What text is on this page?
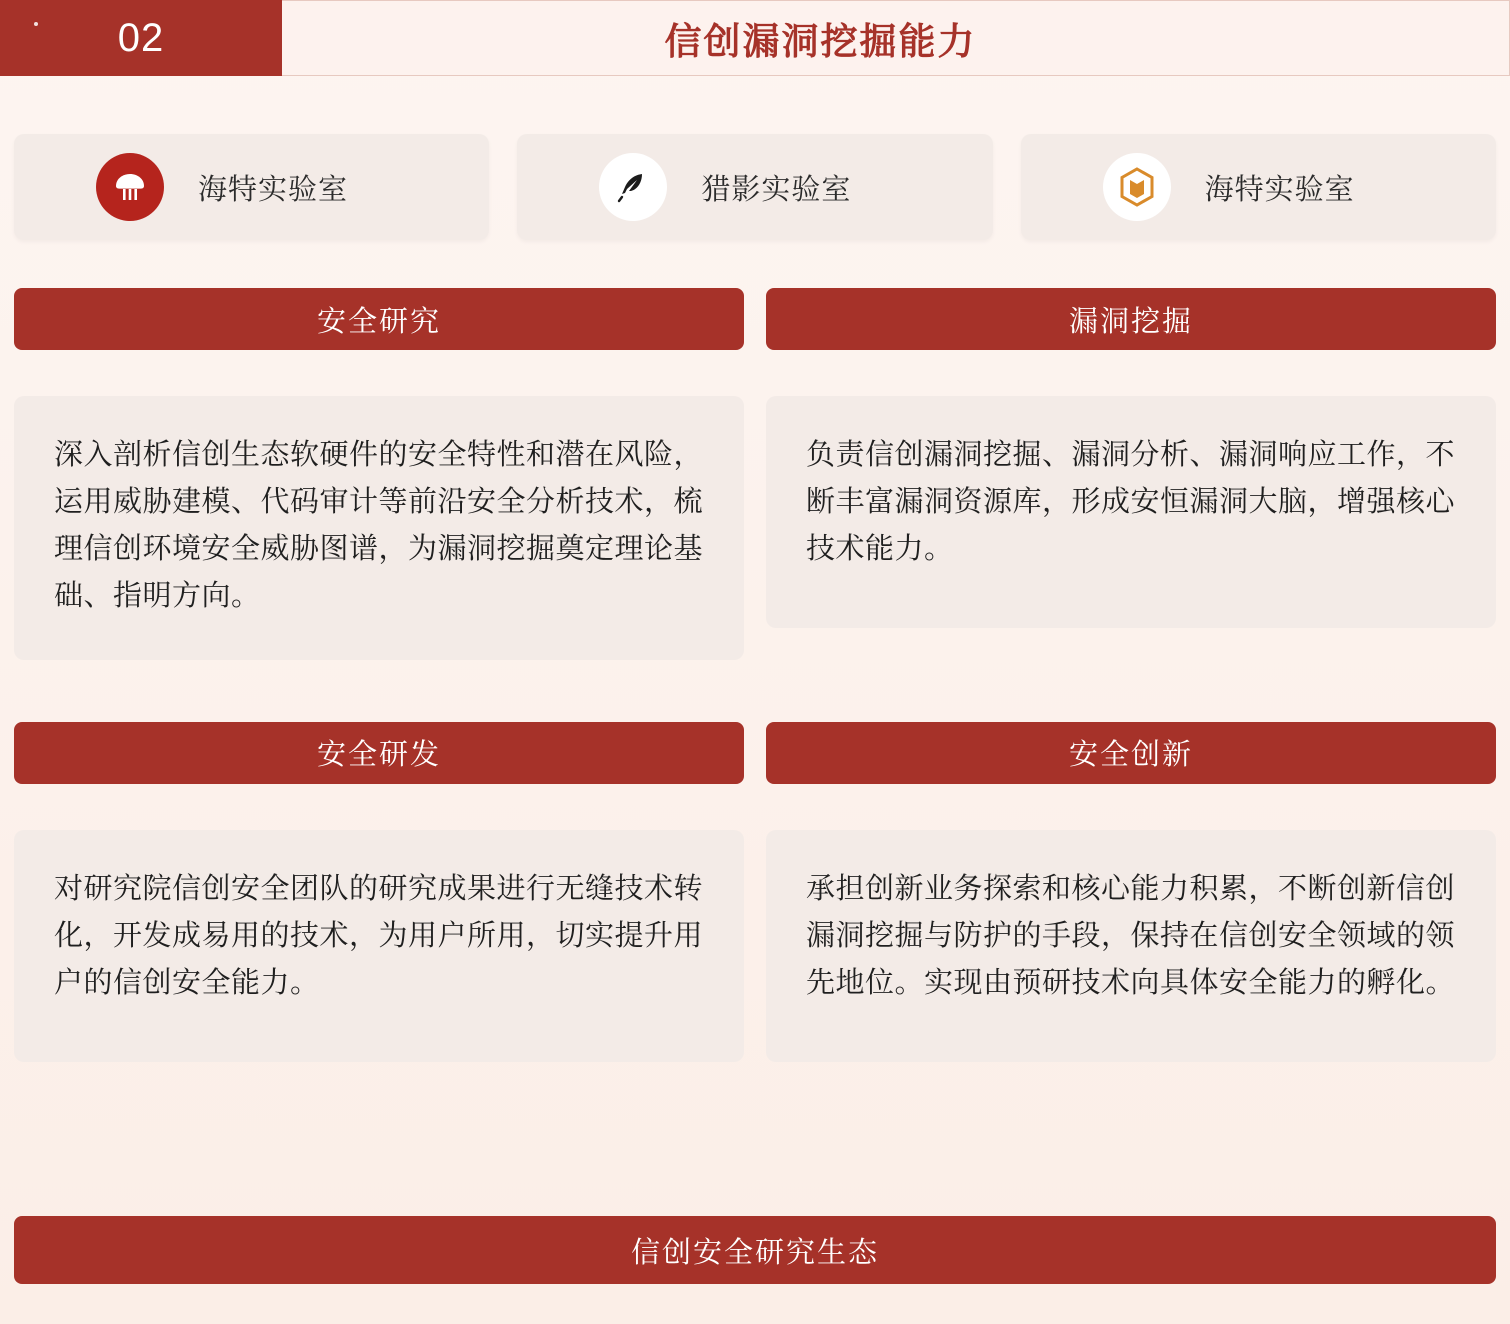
02	信创漏洞挖掘能力
海特实验室	猎影实验室	海特实验室
安全研究
深入剖析信创生态软硬件的安全特性和潜在风险，运用威胁建模、代码审计等前沿安全分析技术，梳理信创环境安全威胁图谱，为漏洞挖掘奠定理论基础、指明方向。
漏洞挖掘
负责信创漏洞挖掘、漏洞分析、漏洞响应工作，不断丰富漏洞资源库，形成安恒漏洞大脑，增强核心技术能力。
安全研发
对研究院信创安全团队的研究成果进行无缝技术转化，开发成易用的技术，为用户所用，切实提升用户的信创安全能力。
安全创新
承担创新业务探索和核心能力积累，不断创新信创漏洞挖掘与防护的手段，保持在信创安全领域的领先地位。实现由预研技术向具体安全能力的孵化。
信创安全研究生态
